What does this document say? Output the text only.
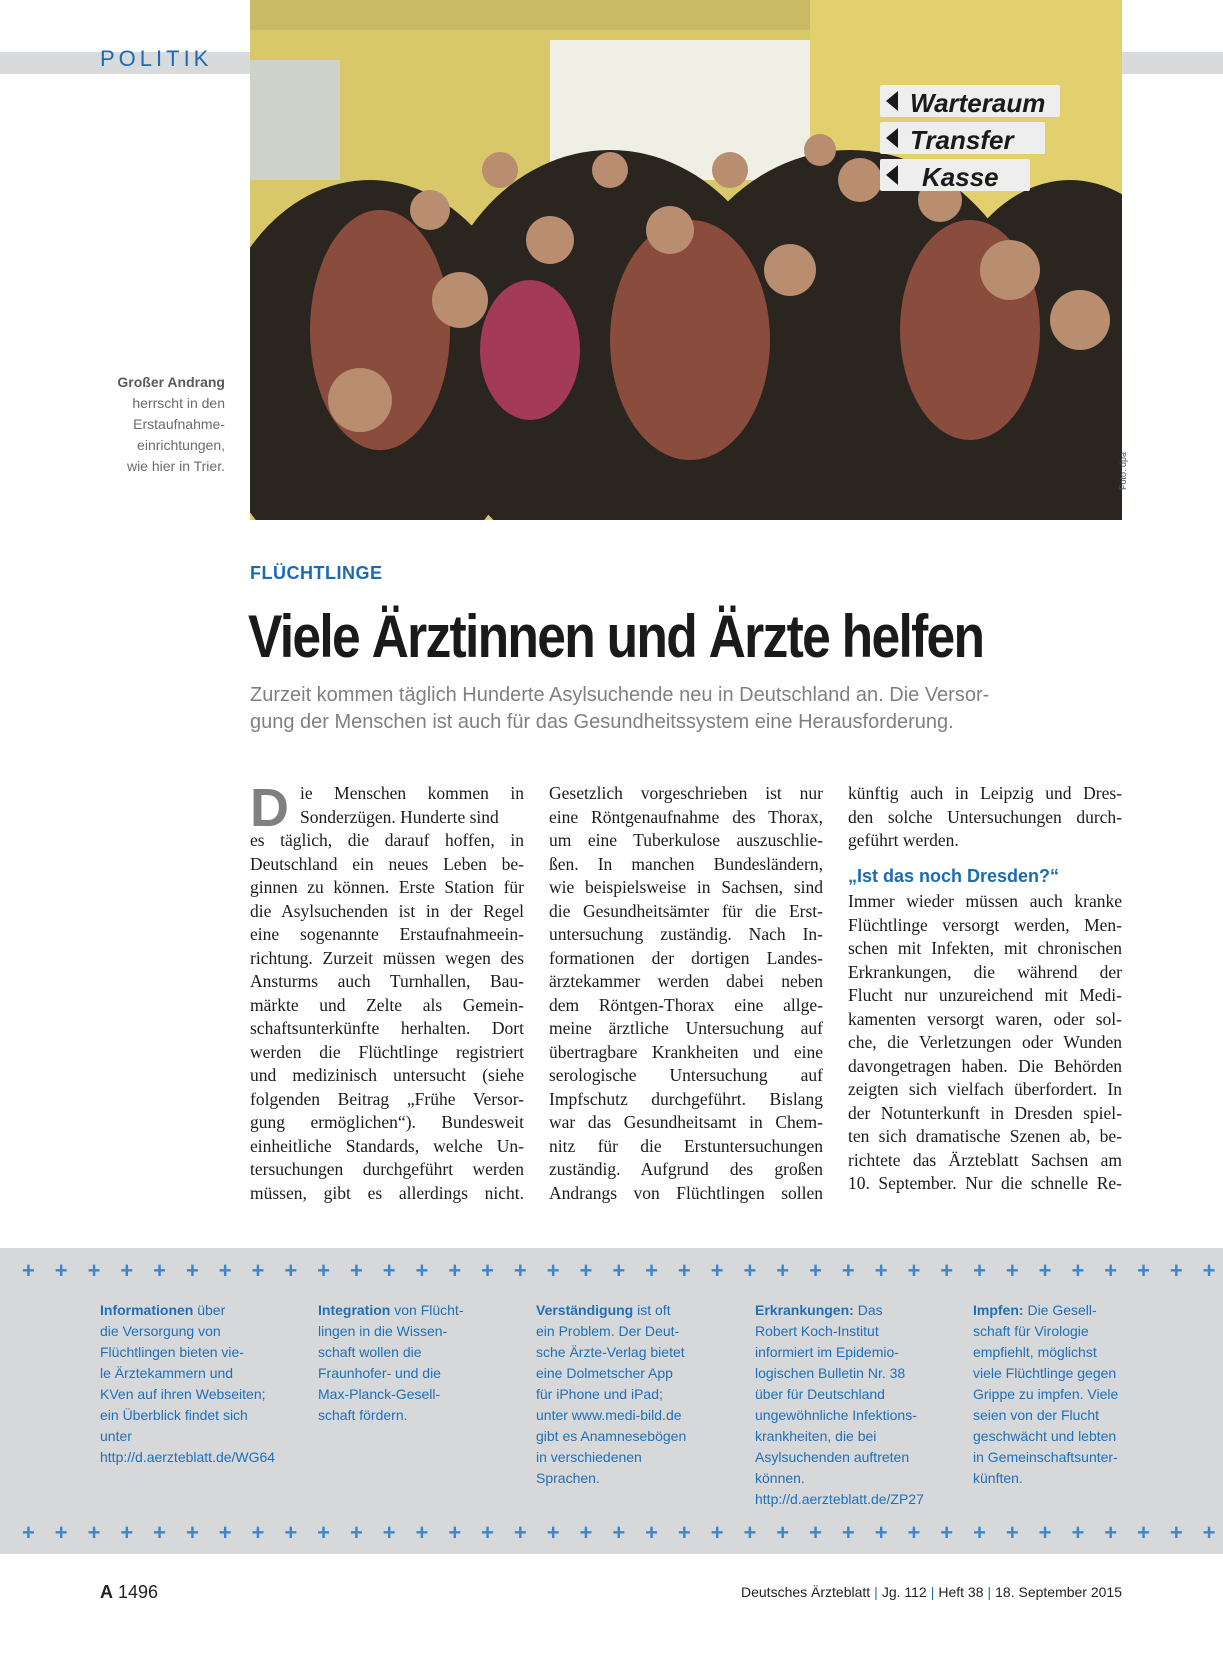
POLITIK
Warteraum
Transfer
Kasse
Foto: dpa
Großer Andrang
herrscht in den
Erstaufnahme-
einrichtungen,
wie hier in Trier.
FLÜCHTLINGE
Viele Ärztinnen und Ärzte helfen
Zurzeit kommen täglich Hunderte Asylsuchende neu in Deutschland an. Die Versor-
gung der Menschen ist auch für das Gesundheitssystem eine Herausforderung.
D ie Menschen kommen in
Sonderzügen. Hunderte sind
es täglich, die darauf hoffen, in
Deutschland ein neues Leben be-
ginnen zu können. Erste Station für
die Asylsuchenden ist in der Regel
eine sogenannte Erstaufnahmeein-
richtung. Zurzeit müssen wegen des
Ansturms auch Turnhallen, Bau-
märkte und Zelte als Gemein-
schaftsunterkünfte herhalten. Dort
werden die Flüchtlinge registriert
und medizinisch untersucht (siehe
folgenden Beitrag „Frühe Versor-
gung ermöglichen“). Bundesweit
einheitliche Standards, welche Un-
tersuchungen durchgeführt werden
müssen, gibt es allerdings nicht.
Gesetzlich vorgeschrieben ist nur
eine Röntgenaufnahme des Thorax,
um eine Tuberkulose auszuschlie-
ßen. In manchen Bundesländern,
wie beispielsweise in Sachsen, sind
die Gesundheitsämter für die Erst-
untersuchung zuständig. Nach In-
formationen der dortigen Landes-
ärztekammer werden dabei neben
dem Röntgen-Thorax eine allge-
meine ärztliche Untersuchung auf
übertragbare Krankheiten und eine
serologische Untersuchung auf
Impfschutz durchgeführt. Bislang
war das Gesundheitsamt in Chem-
nitz für die Erstuntersuchungen
zuständig. Aufgrund des großen
Andrangs von Flüchtlingen sollen
künftig auch in Leipzig und Dres-
den solche Untersuchungen durch-
geführt werden.
„Ist das noch Dresden?“
Immer wieder müssen auch kranke
Flüchtlinge versorgt werden, Men-
schen mit Infekten, mit chronischen
Erkrankungen, die während der
Flucht nur unzureichend mit Medi-
kamenten versorgt waren, oder sol-
che, die Verletzungen oder Wunden
davongetragen haben. Die Behörden
zeigten sich vielfach überfordert. In
der Notunterkunft in Dresden spiel-
ten sich dramatische Szenen ab, be-
richtete das Ärzteblatt Sachsen am
10. September. Nur die schnelle Re-
+ + + + + + + + + + + + + + + + + + + + + + + + + + + + + + + + + + + + +
+ + + + + + + + + + + + + + + + + + + + + + + + + + + + + + + + + + + + +
Informationen über
die Versorgung von
Flüchtlingen bieten vie-
le Ärztekammern und
KVen auf ihren Webseiten;
ein Überblick findet sich
unter
http://d.aerzteblatt.de/WG64
Integration von Flücht-
lingen in die Wissen-
schaft wollen die
Fraunhofer- und die
Max-Planck-Gesell-
schaft fördern.
Verständigung ist oft
ein Problem. Der Deut-
sche Ärzte-Verlag bietet
eine Dolmetscher App
für iPhone und iPad;
unter www.medi-bild.de
gibt es Anamnesebögen
in verschiedenen
Sprachen.
Erkrankungen: Das
Robert Koch-Institut
informiert im Epidemio-
logischen Bulletin Nr. 38
über für Deutschland
ungewöhnliche Infektions-
krankheiten, die bei
Asylsuchenden auftreten
können.
http://d.aerzteblatt.de/ZP27
Impfen: Die Gesell-
schaft für Virologie
empfiehlt, möglichst
viele Flüchtlinge gegen
Grippe zu impfen. Viele
seien von der Flucht
geschwächt und lebten
in Gemeinschaftsunter-
künften.
A 1496	Deutsches Ärzteblatt | Jg. 112 | Heft 38 | 18. September 2015
